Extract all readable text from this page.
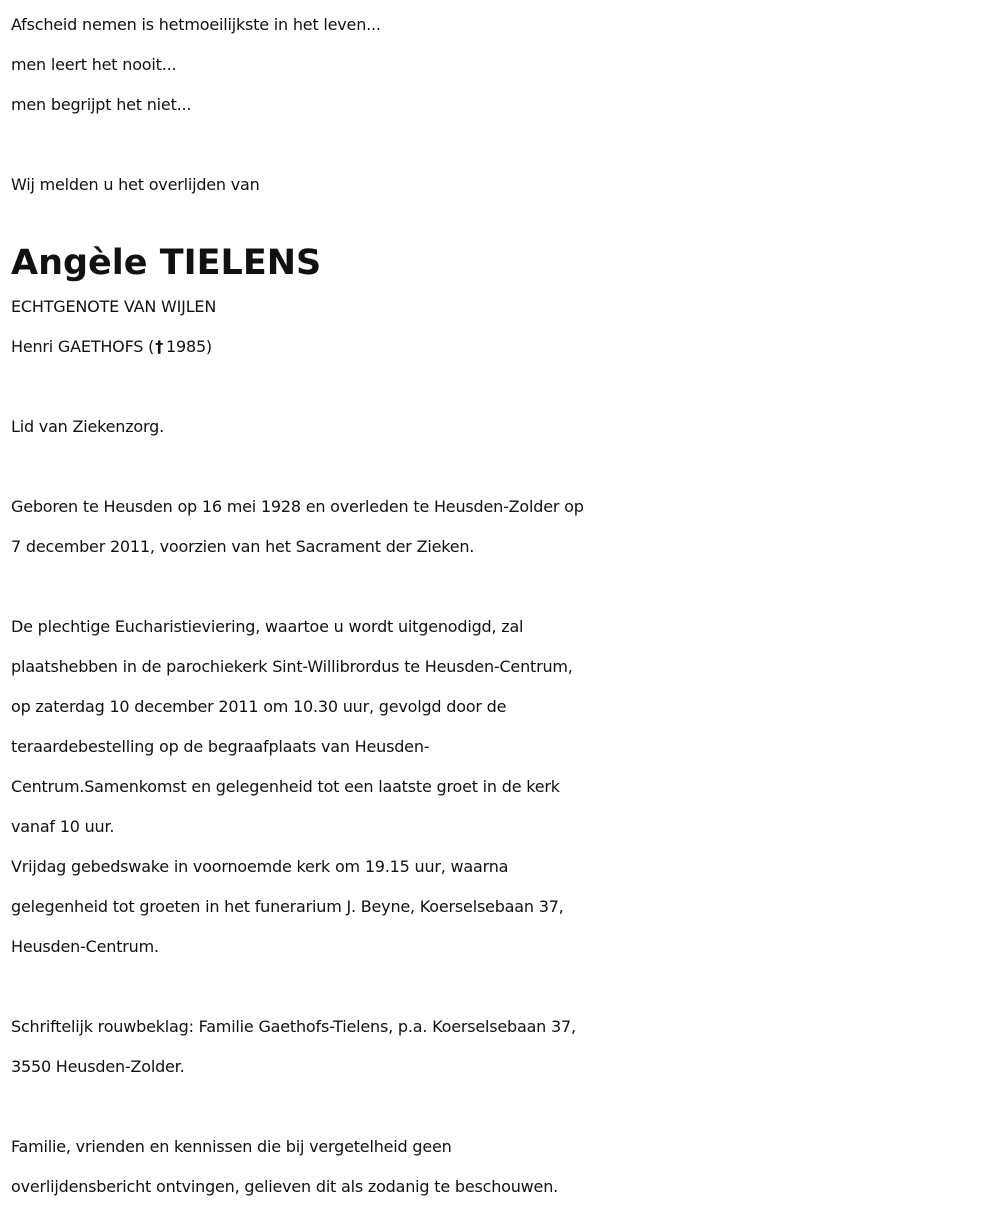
Afscheid nemen is hetmoeilijkste in het leven...
men leert het nooit...
men begrijpt het niet...
Wij melden u het overlijden van
Angèle TIELENS
ECHTGENOTE VAN WIJLEN
Henri GAETHOFS († 1985)
Lid van Ziekenzorg.
Geboren te Heusden op 16 mei 1928 en overleden te Heusden-Zolder op
7 december 2011, voorzien van het Sacrament der Zieken.
De plechtige Eucharistieviering, waartoe u wordt uitgenodigd, zal
plaatshebben in de parochiekerk Sint-Willibrordus te Heusden-Centrum,
op zaterdag 10 december 2011 om 10.30 uur, gevolgd door de
teraardebestelling op de begraafplaats van Heusden-
Centrum.Samenkomst en gelegenheid tot een laatste groet in de kerk
vanaf 10 uur.
Vrijdag gebedswake in voornoemde kerk om 19.15 uur, waarna
gelegenheid tot groeten in het funerarium J. Beyne, Koerselsebaan 37,
Heusden-Centrum.
Schriftelijk rouwbeklag: Familie Gaethofs-Tielens, p.a. Koerselsebaan 37,
3550 Heusden-Zolder.
Familie, vrienden en kennissen die bij vergetelheid geen
overlijdensbericht ontvingen, gelieven dit als zodanig te beschouwen.
